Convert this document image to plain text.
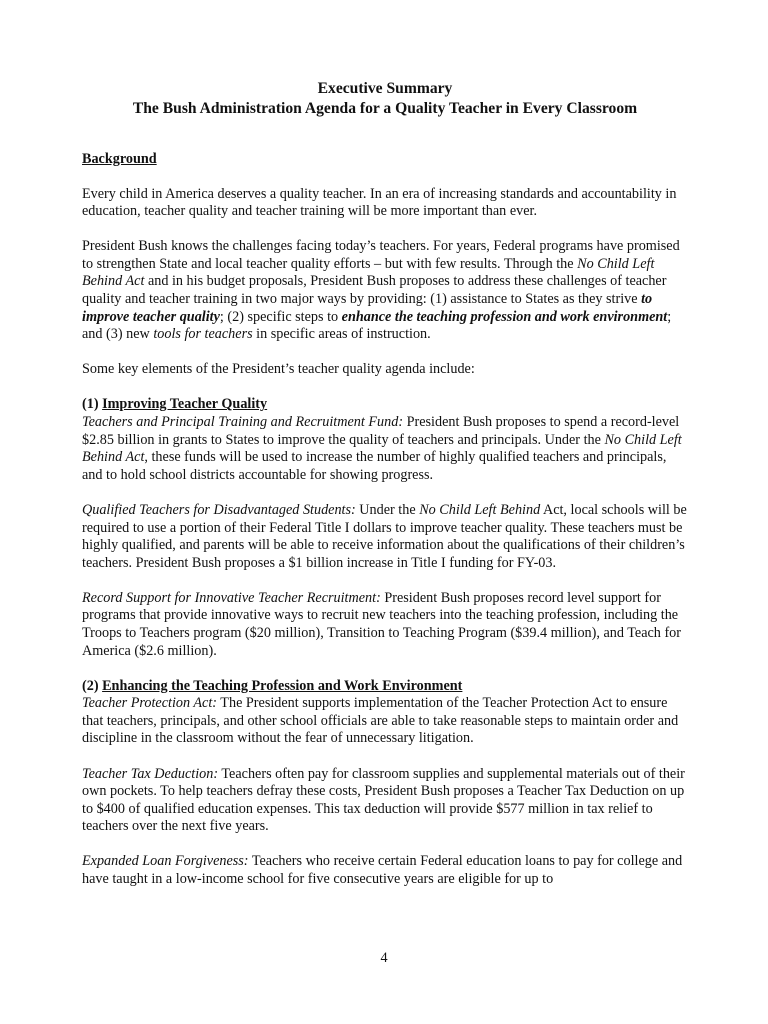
Executive Summary
The Bush Administration Agenda for a Quality Teacher in Every Classroom
Background

Every child in America deserves a quality teacher. In an era of increasing standards and accountability in education, teacher quality and teacher training will be more important than ever.

President Bush knows the challenges facing today’s teachers. For years, Federal programs have promised to strengthen State and local teacher quality efforts – but with few results. Through the No Child Left Behind Act and in his budget proposals, President Bush proposes to address these challenges of teacher quality and teacher training in two major ways by providing: (1) assistance to States as they strive to improve teacher quality; (2) specific steps to enhance the teaching profession and work environment; and (3) new tools for teachers in specific areas of instruction.

Some key elements of the President’s teacher quality agenda include:

(1) Improving Teacher Quality

Teachers and Principal Training and Recruitment Fund: President Bush proposes to spend a record-level $2.85 billion in grants to States to improve the quality of teachers and principals. Under the No Child Left Behind Act, these funds will be used to increase the number of highly qualified teachers and principals, and to hold school districts accountable for showing progress.

Qualified Teachers for Disadvantaged Students: Under the No Child Left Behind Act, local schools will be required to use a portion of their Federal Title I dollars to improve teacher quality. These teachers must be highly qualified, and parents will be able to receive information about the qualifications of their children’s teachers. President Bush proposes a $1 billion increase in Title I funding for FY-03.

Record Support for Innovative Teacher Recruitment: President Bush proposes record level support for programs that provide innovative ways to recruit new teachers into the teaching profession, including the Troops to Teachers program ($20 million), Transition to Teaching Program ($39.4 million), and Teach for America ($2.6 million).

(2) Enhancing the Teaching Profession and Work Environment

Teacher Protection Act: The President supports implementation of the Teacher Protection Act to ensure that teachers, principals, and other school officials are able to take reasonable steps to maintain order and discipline in the classroom without the fear of unnecessary litigation.

Teacher Tax Deduction: Teachers often pay for classroom supplies and supplemental materials out of their own pockets. To help teachers defray these costs, President Bush proposes a Teacher Tax Deduction on up to $400 of qualified education expenses. This tax deduction will provide $577 million in tax relief to teachers over the next five years.

Expanded Loan Forgiveness: Teachers who receive certain Federal education loans to pay for college and have taught in a low-income school for five consecutive years are eligible for up to

4
